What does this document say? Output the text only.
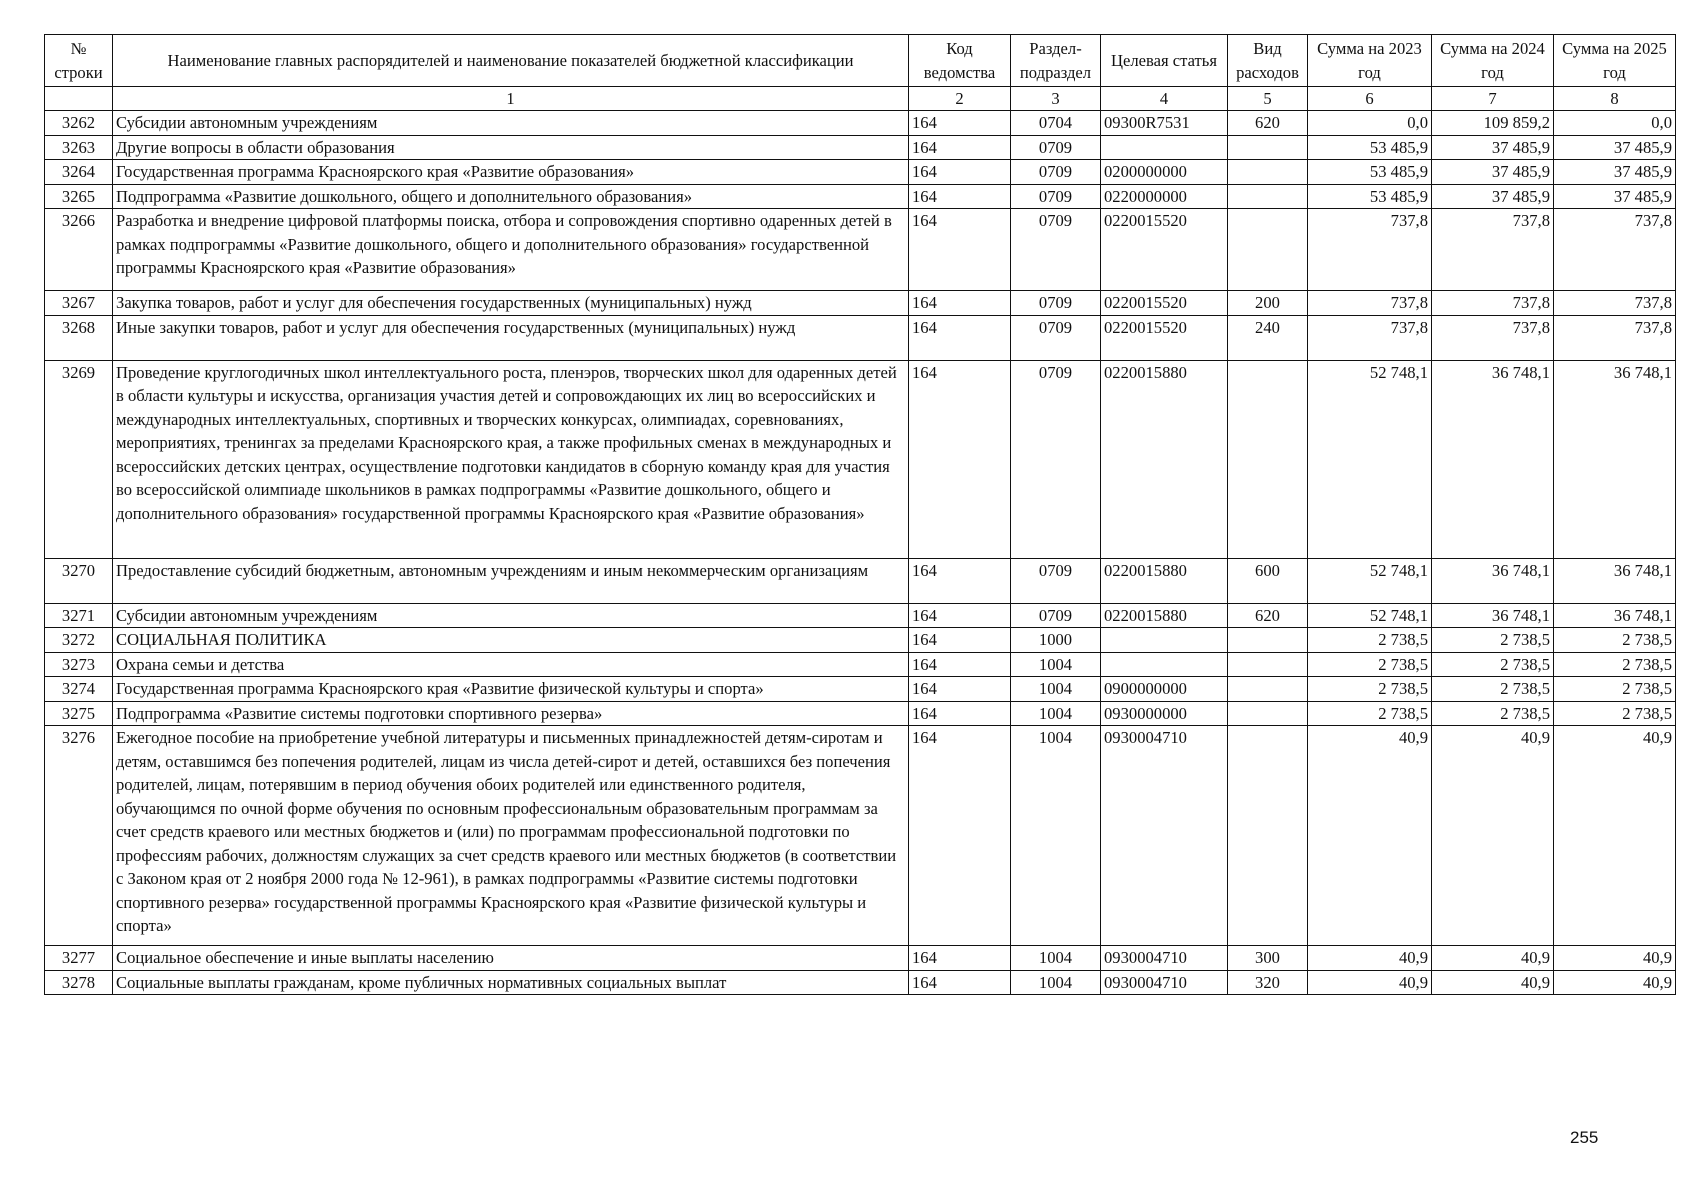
№ строки	Наименование главных распорядителей и наименование показателей бюджетной классификации	Код ведомства	Раздел-подраздел	Целевая статья	Вид расходов	Сумма на 2023 год	Сумма на 2024 год	Сумма на 2025 год
	1	2	3	4	5	6	7	8
3262	Субсидии автономным учреждениям	164	0704	09300R7531	620	0,0	109 859,2	0,0
3263	Другие вопросы в области образования	164	0709			53 485,9	37 485,9	37 485,9
3264	Государственная программа Красноярского края «Развитие образования»	164	0709	0200000000		53 485,9	37 485,9	37 485,9
3265	Подпрограмма «Развитие дошкольного, общего и дополнительного образования»	164	0709	0220000000		53 485,9	37 485,9	37 485,9
3266	Разработка и внедрение цифровой платформы поиска, отбора и сопровождения спортивно одаренных детей в рамках подпрограммы «Развитие дошкольного, общего и дополнительного образования» государственной программы Красноярского края «Развитие образования»	164	0709	0220015520		737,8	737,8	737,8
3267	Закупка товаров, работ и услуг для обеспечения государственных (муниципальных) нужд	164	0709	0220015520	200	737,8	737,8	737,8
3268	Иные закупки товаров, работ и услуг для обеспечения государственных (муниципальных) нужд	164	0709	0220015520	240	737,8	737,8	737,8
3269	Проведение круглогодичных школ интеллектуального роста, пленэров, творческих школ для одаренных детей в области культуры и искусства, организация участия детей и сопровождающих их лиц во всероссийских и международных интеллектуальных, спортивных и творческих конкурсах, олимпиадах, соревнованиях, мероприятиях, тренингах за пределами Красноярского края, а также профильных сменах в международных и всероссийских детских центрах, осуществление подготовки кандидатов в сборную команду края для участия во всероссийской олимпиаде школьников в рамках подпрограммы «Развитие дошкольного, общего и дополнительного образования» государственной программы Красноярского края «Развитие образования»	164	0709	0220015880		52 748,1	36 748,1	36 748,1
3270	Предоставление субсидий бюджетным, автономным учреждениям и иным некоммерческим организациям	164	0709	0220015880	600	52 748,1	36 748,1	36 748,1
3271	Субсидии автономным учреждениям	164	0709	0220015880	620	52 748,1	36 748,1	36 748,1
3272	СОЦИАЛЬНАЯ ПОЛИТИКА	164	1000			2 738,5	2 738,5	2 738,5
3273	Охрана семьи и детства	164	1004			2 738,5	2 738,5	2 738,5
3274	Государственная программа Красноярского края «Развитие физической культуры и спорта»	164	1004	0900000000		2 738,5	2 738,5	2 738,5
3275	Подпрограмма «Развитие системы подготовки спортивного резерва»	164	1004	0930000000		2 738,5	2 738,5	2 738,5
3276	Ежегодное пособие на приобретение учебной литературы и письменных принадлежностей детям-сиротам и детям, оставшимся без попечения родителей, лицам из числа детей-сирот и детей, оставшихся без попечения родителей, лицам, потерявшим в период обучения обоих родителей или единственного родителя, обучающимся по очной форме обучения по основным профессиональным образовательным программам за счет средств краевого или местных бюджетов и (или) по программам профессиональной подготовки по профессиям рабочих, должностям служащих за счет средств краевого или местных бюджетов (в соответствии с Законом края от 2 ноября 2000 года № 12-961), в рамках подпрограммы «Развитие системы подготовки спортивного резерва» государственной программы Красноярского края «Развитие физической культуры и спорта»	164	1004	0930004710		40,9	40,9	40,9
3277	Социальное обеспечение и иные выплаты населению	164	1004	0930004710	300	40,9	40,9	40,9
3278	Социальные выплаты гражданам, кроме публичных нормативных социальных выплат	164	1004	0930004710	320	40,9	40,9	40,9
255
